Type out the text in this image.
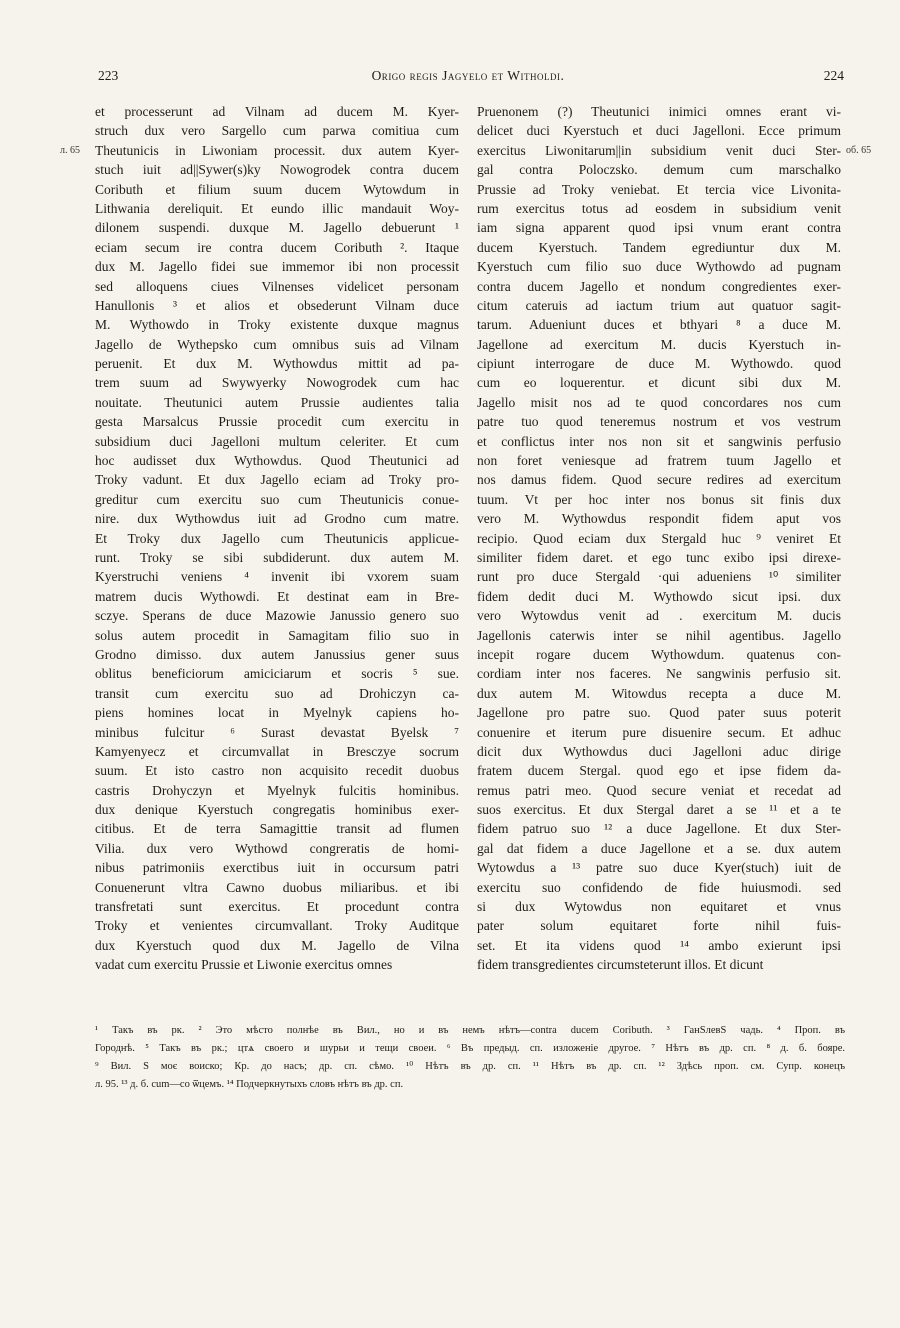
223	Origo regis Jagyelo et Witholdi.	224
л. 65	об. 65
et processerunt ad Vilnam ad ducem M. Kyer-
struch dux vero Sargello cum parwa comitiua cum
Theutunicis in Liwoniam processit. dux autem Kyer-
stuch iuit ad||Sywer(s)ky Nowogrodek contra ducem
Coributh et filium suum ducem Wytowdum in
Lithwania dereliquit. Et eundo illic mandauit Woy-
dilonem suspendi. duxque M. Jagello debuerunt ¹
eciam secum ire contra ducem Coributh ². Itaque
dux M. Jagello fidei sue immemor ibi non processit
sed alloquens ciues Vilnenses videlicet personam
Hanullonis ³ et alios et obsederunt Vilnam duce
M. Wythowdo in Troky existente duxque magnus
Jagello de Wythepsko cum omnibus suis ad Vilnam
peruenit. Et dux M. Wythowdus mittit ad pa-
trem suum ad Swywyerky Nowogrodek cum hac
nouitate. Theutunici autem Prussie audientes talia
gesta Marsalcus Prussie procedit cum exercitu in
subsidium duci Jagelloni multum celeriter. Et cum
hoc audisset dux Wythowdus. Quod Theutunici ad
Troky vadunt. Et dux Jagello eciam ad Troky pro-
greditur cum exercitu suo cum Theutunicis conue-
nire. dux Wythowdus iuit ad Grodno cum matre.
Et Troky dux Jagello cum Theutunicis applicue-
runt. Troky se sibi subdiderunt. dux autem M.
Kyerstruchi veniens ⁴ invenit ibi vxorem suam
matrem ducis Wythowdi. Et destinat eam in Bre-
sczye. Sperans de duce Mazowie Janussio genero suo
solus autem procedit in Samagitam filio suo in
Grodno dimisso. dux autem Janussius gener suus
oblitus beneficiorum amiciciarum et socris ⁵ sue.
transit cum exercitu suo ad Drohiczyn ca-
piens homines locat in Myelnyk capiens ho-
minibus fulcitur ⁶ Surast devastat Byelsk ⁷
Kamyenyecz et circumvallat in Bresczye socrum
suum. Et isto castro non acquisito recedit duobus
castris Drohyczyn et Myelnyk fulcitis hominibus.
dux denique Kyerstuch congregatis hominibus exer-
citibus. Et de terra Samagittie transit ad flumen
Vilia. dux vero Wythowd congreratis de homi-
nibus patrimoniis exerctibus iuit in occursum patri
Conuenerunt vltra Cawno duobus miliaribus. et ibi
transfretati sunt exercitus. Et procedunt contra
Troky et venientes circumvallant. Troky Auditque
dux Kyerstuch quod dux M. Jagello de Vilna
vadat cum exercitu Prussie et Liwonie exercitus omnes
Pruenonem (?) Theutunici inimici omnes erant vi-
delicet duci Kyerstuch et duci Jagelloni. Ecce primum
exercitus Liwonitarum||in subsidium venit duci Ster-
gal contra Poloczsko. demum cum marschalko
Prussie ad Troky veniebat. Et tercia vice Livonita-
rum exercitus totus ad eosdem in subsidium venit
iam signa apparent quod ipsi vnum erant contra
ducem Kyerstuch. Tandem egrediuntur dux M.
Kyerstuch cum filio suo duce Wythowdo ad pugnam
contra ducem Jagello et nondum congredientes exer-
citum cateruis ad iactum trium aut quatuor sagit-
tarum. Adueniunt duces et bthyari ⁸ a duce M.
Jagellone ad exercitum M. ducis Kyerstuch in-
cipiunt interrogare de duce M. Wythowdo. quod
cum eo loquerentur. et dicunt sibi dux M.
Jagello misit nos ad te quod concordares nos cum
patre tuo quod teneremus nostrum et vos vestrum
et conflictus inter nos non sit et sangwinis perfusio
non foret veniesque ad fratrem tuum Jagello et
nos damus fidem. Quod secure redires ad exercitum
tuum. Vt per hoc inter nos bonus sit finis dux
vero M. Wythowdus respondit fidem aput vos
recipio. Quod eciam dux Stergald huc ⁹ veniret Et
similiter fidem daret. et ego tunc exibo ipsi direxe-
runt pro duce Stergald ·qui adueniens ¹⁰ similiter
fidem dedit duci M. Wythowdo sicut ipsi. dux
vero Wytowdus venit ad . exercitum M. ducis
Jagellonis caterwis inter se nihil agentibus. Jagello
incepit rogare ducem Wythowdum. quatenus con-
cordiam inter nos faceres. Ne sangwinis perfusio sit.
dux autem M. Witowdus recepta a duce M.
Jagellone pro patre suo. Quod pater suus poterit
conuenire et iterum pure disuenire secum. Et adhuc
dicit dux Wythowdus duci Jagelloni aduc dirige
fratem ducem Stergal. quod ego et ipse fidem da-
remus patri meo. Quod secure veniat et recedat ad
suos exercitus. Et dux Stergal daret a se ¹¹ et a te
fidem patruo suo ¹² a duce Jagellone. Et dux Ster-
gal dat fidem a duce Jagellone et a se. dux autem
Wytowdus a ¹³ patre suo duce Kyer(stuch) iuit de
exercitu suo confidendo de fide huiusmodi. sed
si dux Wytowdus non equitaret et vnus
pater solum equitaret forte nihil fuis-
set. Et ita videns quod ¹⁴ ambo exierunt ipsi
fidem transgredientes circumsteterunt illos. Et dicunt
¹ Такъ въ рк. ² Это мѣсто полнѣе въ Вил., но и въ немъ нѣтъ—contra ducem Coributh. ³ ГанЅлевЅ чадь. ⁴ Проп. въ
Городнѣ. ⁵ Такъ въ рк.; цтѧ своего и шурьи и тещи своеи. ⁶ Въ предыд. сп. изложеніе другое. ⁷ Нѣтъ въ др. сп. ⁸ д. б. бояре.
⁹ Вил. Ѕ моє воиско; Кр. до насъ; др. сп. сѣмо. ¹⁰ Нѣтъ въ др. сп. ¹¹ Нѣтъ въ др. сп. ¹² Здѣсь проп. см. Супр. конецъ
л. 95. ¹³ д. б. cum—со ѿцемъ. ¹⁴ Подчеркнутыхъ словъ нѣтъ въ др. сп.
